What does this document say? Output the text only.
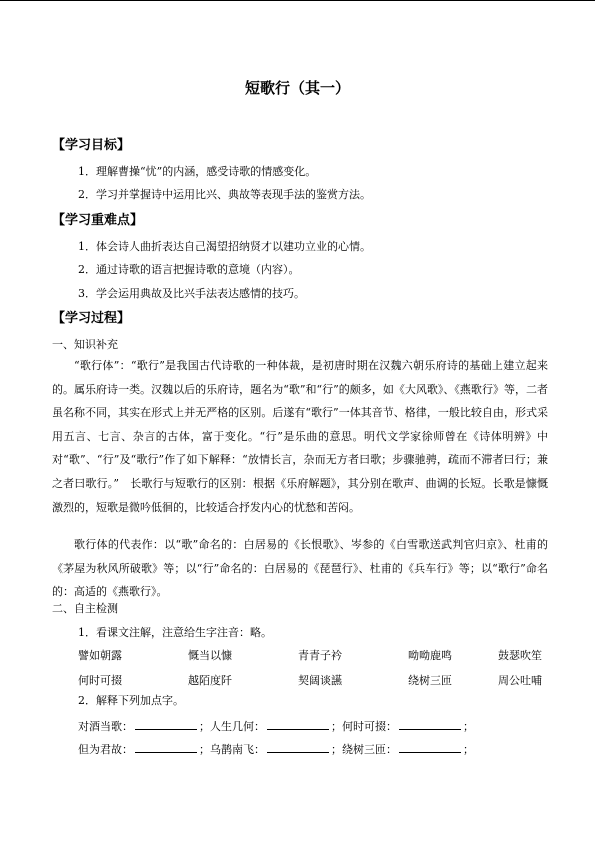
短歌行（其一）
【学习目标】
1．理解曹操“忧”的内涵，感受诗歌的情感变化。
2．学习并掌握诗中运用比兴、典故等表现手法的鉴赏方法。
【学习重难点】
1．体会诗人曲折表达自己渴望招纳贤才以建功立业的心情。
2．通过诗歌的语言把握诗歌的意境（内容）。
3．学会运用典故及比兴手法表达感情的技巧。
【学习过程】
一、知识补充
“歌行体”：“歌行”是我国古代诗歌的一种体裁，是初唐时期在汉魏六朝乐府诗的基础上建立起来的。属乐府诗一类。汉魏以后的乐府诗，题名为“歌”和“行”的颇多，如《大风歌》、《燕歌行》等，二者虽名称不同，其实在形式上并无严格的区别。后遂有“歌行”一体其音节、格律，一般比较自由，形式采用五言、七言、杂言的古体，富于变化。“行”是乐曲的意思。明代文学家徐师曾在《诗体明辨》中对“歌”、“行”及“歌行”作了如下解释：“放情长言，杂而无方者曰歌；步骤驰骋，疏而不滞者曰行；兼之者曰歌行。”　长歌行与短歌行的区别：根据《乐府解题》，其分别在歌声、曲调的长短。长歌是慷慨激烈的，短歌是微吟低徊的，比较适合抒发内心的忧愁和苦闷。
歌行体的代表作：以“歌”命名的：白居易的《长恨歌》、岑参的《白雪歌送武判官归京》、杜甫的《茅屋为秋风所破歌》等；以“行”命名的：白居易的《琵琶行》、杜甫的《兵车行》等；以“歌行”命名的：高适的《燕歌行》。
二、自主检测
1．看课文注解，注意给生字注音：略。
譬如朝露	慨当以慷	青青子衿	呦呦鹿鸣	鼓瑟吹笙
何时可掇	越陌度阡	契阔谈讌	绕树三匝	周公吐哺
2．解释下列加点字。
对酒当歌：	；人生几何：	；何时可掇：	；
但为君故：	；乌鹊南飞：	；绕树三匝：	；
